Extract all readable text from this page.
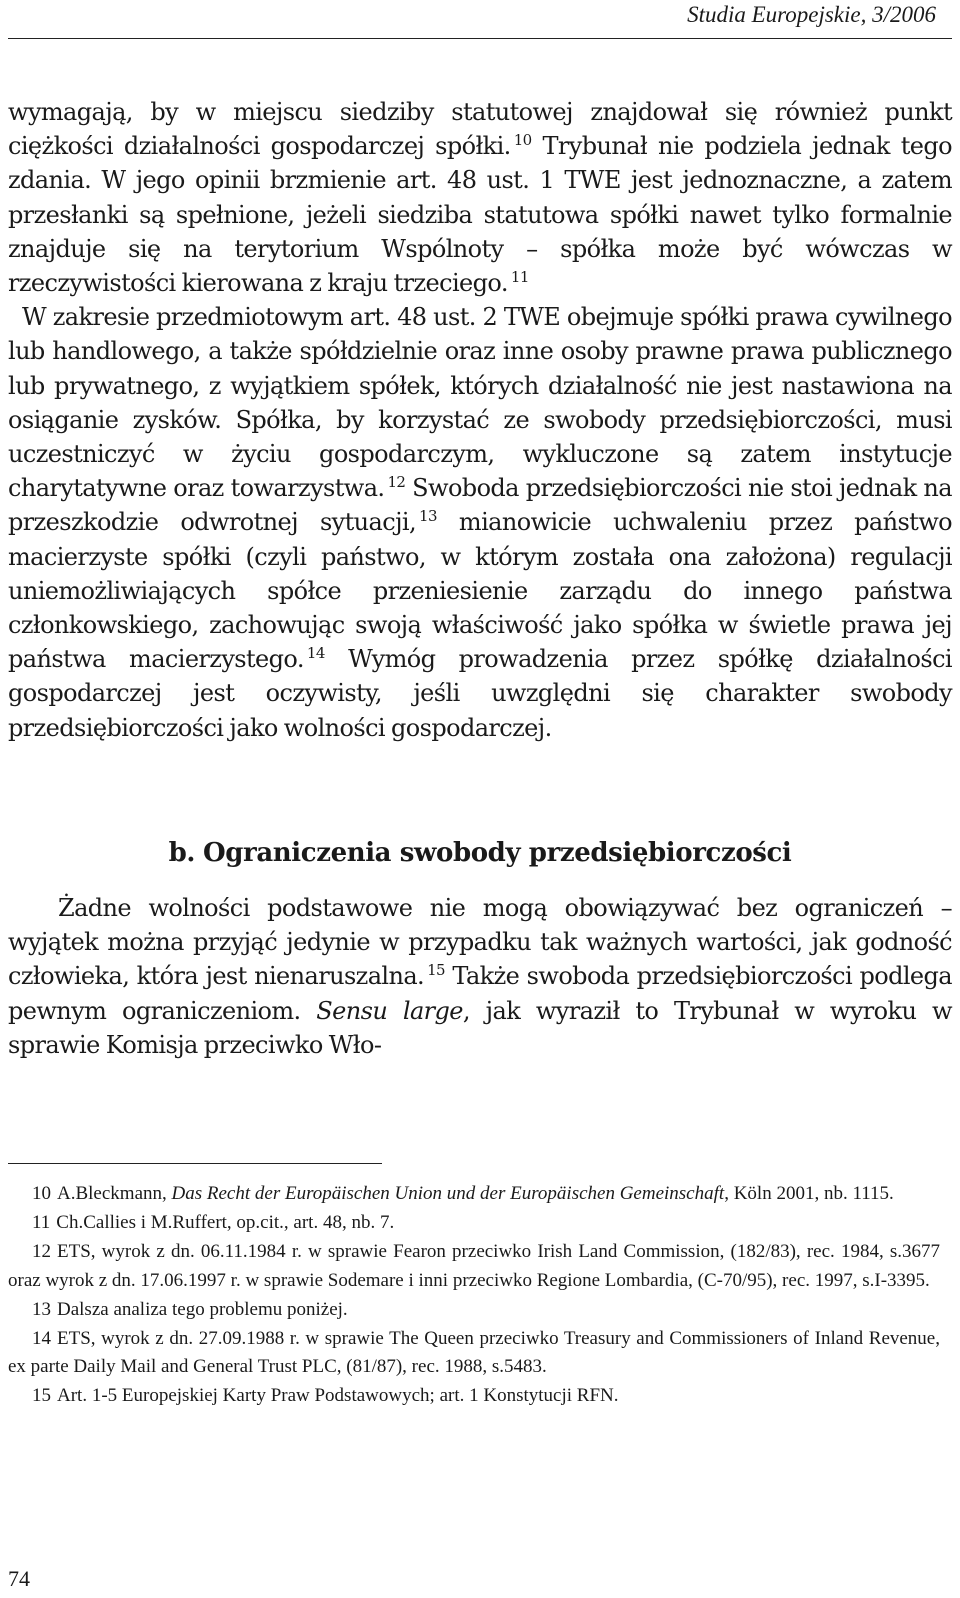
Studia Europejskie, 3/2006

wymagają, by w miejscu siedziby statutowej znajdował się również punkt ciężkości działalności gospodarczej spółki. $^{10}$ Trybunał nie podziela jednak tego zdania. W jego opinii brzmienie art. 48 ust. 1 TWE jest jednoznaczne, a zatem przesłanki są spełnione, jeżeli siedziba statutowa spółki nawet tylko formalnie znajduje się na terytorium Wspólnoty – spółka może być wówczas w rzeczywistości kierowana z kraju trzeciego. $^{11}$

W zakresie przedmiotowym art. 48 ust. 2 TWE obejmuje spółki prawa cywilnego lub handlowego, a także spółdzielnie oraz inne osoby prawne prawa publicznego lub prywatnego, z wyjątkiem spółek, których działalność nie jest nastawiona na osiąganie zysków. Spółka, by korzystać ze swobody przedsiębiorczości, musi uczestniczyć w życiu gospodarczym, wykluczone są zatem instytucje charytatywne oraz towarzystwa. $^{12}$ Swoboda przedsiębiorczości nie stoi jednak na przeszkodzie odwrotnej sytuacji, $^{13}$ mianowicie uchwaleniu przez państwo macierzyste spółki (czyli państwo, w którym została ona założona) regulacji uniemożliwiających spółce przeniesienie zarządu do innego państwa członkowskiego, zachowując swoją właściwość jako spółka w świetle prawa jej państwa macierzystego. $^{14}$ Wymóg prowadzenia przez spółkę działalności gospodarczej jest oczywisty, jeśli uwzględni się charakter swobody przedsiębiorczości jako wolności gospodarczej.

b. Ograniczenia swobody przedsiębiorczości

Żadne wolności podstawowe nie mogą obowiązywać bez ograniczeń – wyjątek można przyjąć jedynie w przypadku tak ważnych wartości, jak godność człowieka, która jest nienaruszalna. $^{15}$ Także swoboda przedsiębiorczości podlega pewnym ograniczeniom. Sensu large, jak wyraził to Trybunał w wyroku w sprawie Komisja przeciwko Wło-

10 A.Bleckmann, Das Recht der Europäischen Union und der Europäischen Gemeinschaft, Köln 2001, nb. 1115.

11 Ch.Callies i M.Ruffert, op.cit., art. 48, nb. 7.

12 ETS, wyrok z dn. 06.11.1984 r. w sprawie Fearon przeciwko Irish Land Commission, (182/83), rec. 1984, s.3677 oraz wyrok z dn. 17.06.1997 r. w sprawie Sodemare i inni przeciwko Regione Lombardia, (C-70/95), rec. 1997, s.I-3395.

13 Dalsza analiza tego problemu poniżej.

14 ETS, wyrok z dn. 27.09.1988 r. w sprawie The Queen przeciwko Treasury and Commissioners of Inland Revenue, ex parte Daily Mail and General Trust PLC, (81/87), rec. 1988, s.5483.

15 Art. 1-5 Europejskiej Karty Praw Podstawowych; art. 1 Konstytucji RFN.

74
